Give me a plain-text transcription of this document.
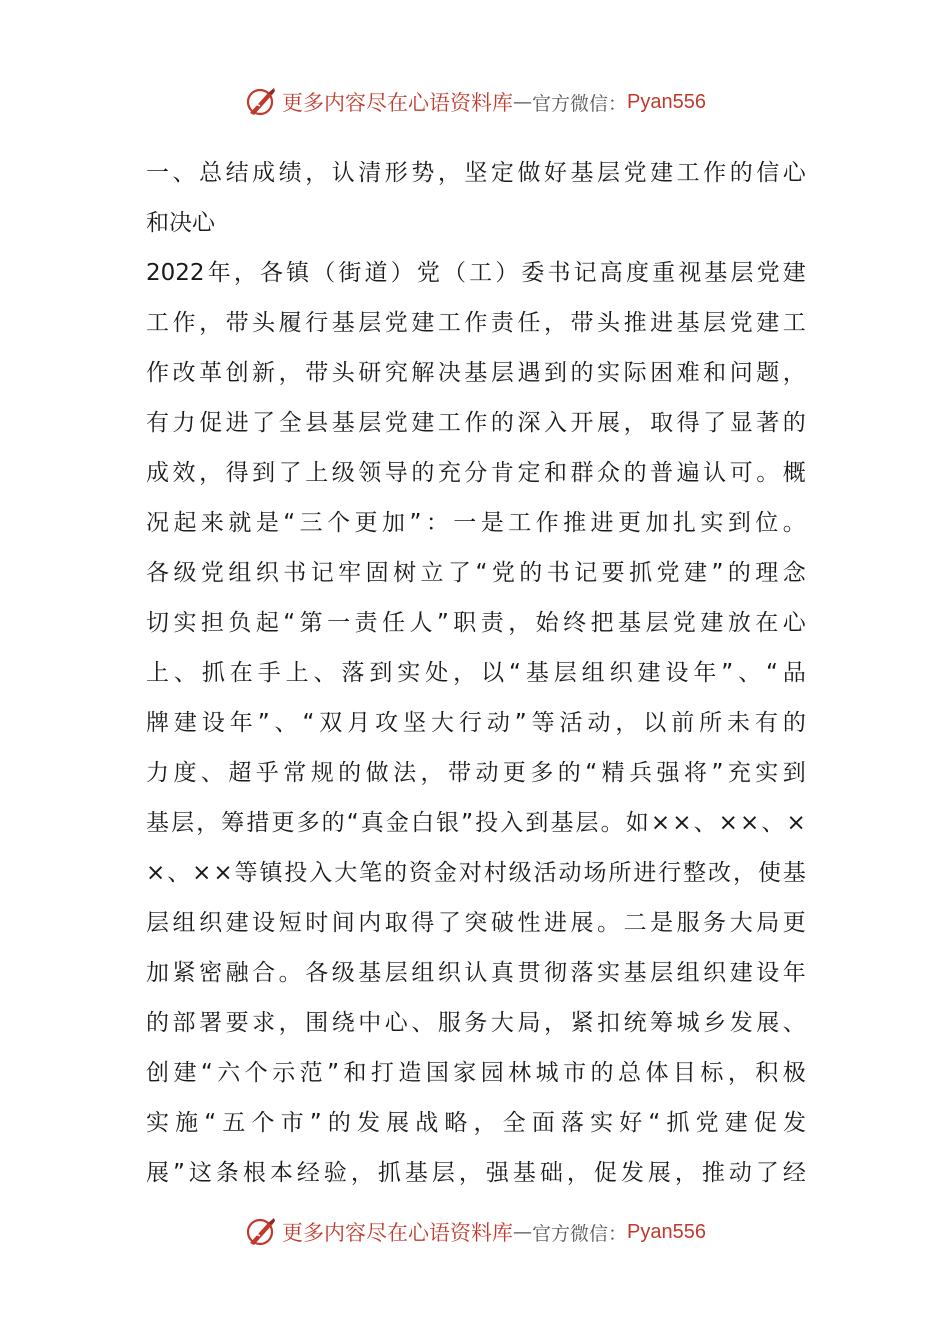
更多内容尽在心语资料库 — 官方微信： Pyan556
一 、 总 结 成 绩 ， 认 清 形 势 ， 坚 定 做 好 基 层 党 建 工 作 的 信 心
和 决 心
2022 年 ， 各 镇 （ 街 道 ） 党 （ 工 ） 委 书 记 高 度 重 视 基 层 党 建
工 作 ， 带 头 履 行 基 层 党 建 工 作 责 任 ， 带 头 推 进 基 层 党 建 工
作 改 革 创 新 ， 带 头 研 究 解 决 基 层 遇 到 的 实 际 困 难 和 问 题 ，
有 力 促 进 了 全 县 基 层 党 建 工 作 的 深 入 开 展 ， 取 得 了 显 著 的
成 效 ， 得 到 了 上 级 领 导 的 充 分 肯 定 和 群 众 的 普 遍 认 可 。 概
况 起 来 就 是 “ 三 个 更 加 ” ： 一 是 工 作 推 进 更 加 扎 实 到 位 。
各 级 党 组 织 书 记 牢 固 树 立 了 “ 党 的 书 记 要 抓 党 建 ” 的 理 念
切 实 担 负 起 “ 第 一 责 任 人 ” 职 责 ， 始 终 把 基 层 党 建 放 在 心
上 、 抓 在 手 上 、 落 到 实 处 ， 以 “ 基 层 组 织 建 设 年 ” 、 “ 品
牌 建 设 年 ” 、 “ 双 月 攻 坚 大 行 动 ” 等 活 动 ， 以 前 所 未 有 的
力 度 、 超 乎 常 规 的 做 法 ， 带 动 更 多 的 “ 精 兵 强 将 ” 充 实 到
基 层 ， 筹 措 更 多 的 “ 真 金 白 银 ” 投 入 到 基 层 。 如 × × 、 × × 、 ×
× 、 × × 等 镇 投 入 大 笔 的 资 金 对 村 级 活 动 场 所 进 行 整 改 ， 使 基
层 组 织 建 设 短 时 间 内 取 得 了 突 破 性 进 展 。 二 是 服 务 大 局 更
加 紧 密 融 合 。 各 级 基 层 组 织 认 真 贯 彻 落 实 基 层 组 织 建 设 年
的 部 署 要 求 ， 围 绕 中 心 、 服 务 大 局 ， 紧 扣 统 筹 城 乡 发 展 、
创 建 “ 六 个 示 范 ” 和 打 造 国 家 园 林 城 市 的 总 体 目 标 ， 积 极
实 施 “ 五 个 市 ” 的 发 展 战 略 ， 全 面 落 实 好 “ 抓 党 建 促 发
展 ” 这 条 根 本 经 验 ， 抓 基 层 ， 强 基 础 ， 促 发 展 ， 推 动 了 经
更多内容尽在心语资料库 — 官方微信： Pyan556
